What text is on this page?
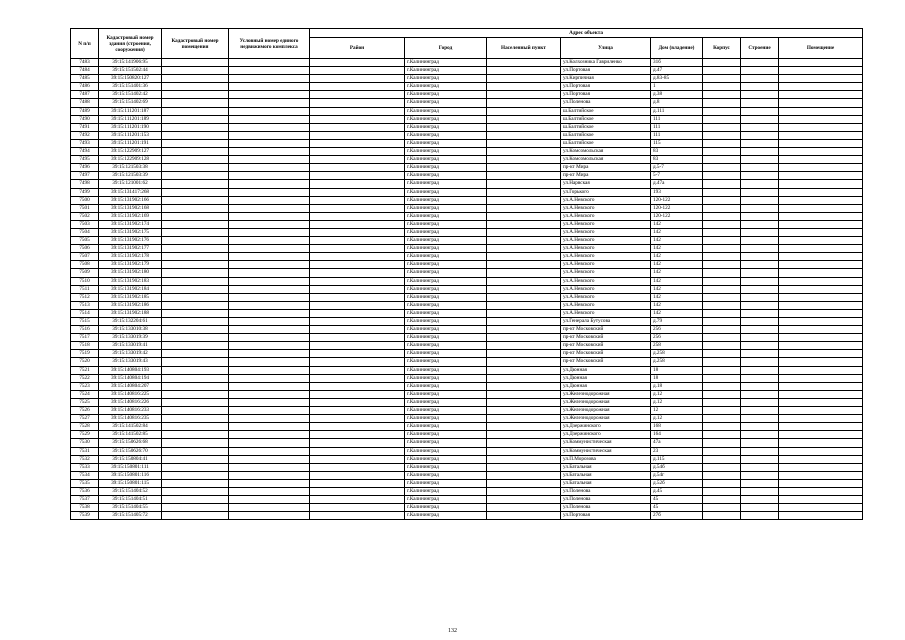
N п/п	Кадастровый номер здания (строения, сооружения)	Кадастровый номер помещения	Условный номер единого недвижимого комплекса	Адрес объекта							
				Район	Город	Населенный пункт	Улица	Дом (владение)	Корпус	Строение	Помещение
7483	39:15:141906:95				г.Калининград		ул.Колхозника Гавриленко	31б			
7484	39:15:151502:44				г.Калининград		ул.Портовая	д.47			
7485	39:15:150820:127				г.Калининград		ул.Кирпичная	д.83-85			
7486	39:15:151401:36				г.Калининград		ул.Портовая	1			
7487	39:15:151402:42				г.Калининград		ул.Портовая	д.38			
7488	39:15:151402:69				г.Калининград		ул.Поленова	д.8			
7489	39:15:111201:187				г.Калининград		ш.Балтийское	д.111			
7490	39:15:111201:189				г.Калининград		ш.Балтийское	111			
7491	39:15:111201:190				г.Калининград		ш.Балтийское	111			
7492	39:15:111201:153				г.Калининград		ш.Балтийское	111			
7493	39:15:111201:191				г.Калининград		ш.Балтийское	115			
7494	39:15:122909:127				г.Калининград		ул.Комсомольская	83			
7495	39:15:122909:128				г.Калининград		ул.Комсомольская	83			
7496	39:15:121503:38				г.Калининград		пр-кт Мира	д.5-7			
7497	39:15:121503:39				г.Калининград		пр-кт Мира	5-7			
7498	39:15:121001:62				г.Калининград		ул.Нарвская	д.47а			
7499	39:15:131417:268				г.Калининград		ул.Горького	193			
7500	39:15:131902:166				г.Калининград		ул.А.Невского	120-122			
7501	39:15:131902:168				г.Калининград		ул.А.Невского	120-122			
7502	39:15:131902:169				г.Калининград		ул.А.Невского	120-122			
7503	39:15:131902:174				г.Калининград		ул.А.Невского	142			
7504	39:15:131902:175				г.Калининград		ул.А.Невского	142			
7505	39:15:131902:176				г.Калининград		ул.А.Невского	142			
7506	39:15:131902:177				г.Калининград		ул.А.Невского	142			
7507	39:15:131902:178				г.Калининград		ул.А.Невского	142			
7508	39:15:131902:179				г.Калининград		ул.А.Невского	142			
7509	39:15:131902:180				г.Калининград		ул.А.Невского	142			
7510	39:15:131902:183				г.Калининград		ул.А.Невского	142			
7511	39:15:131902:184				г.Калининград		ул.А.Невского	142			
7512	39:15:131902:185				г.Калининград		ул.А.Невского	142			
7513	39:15:131902:186				г.Калининград		ул.А.Невского	142			
7514	39:15:131902:188				г.Калининград		ул.А.Невского	142			
7515	39:15:132204:61				г.Калининград		ул.Генерала Бутусова	д.79			
7516	39:15:133010:38				г.Калининград		пр-кт Московский	256			
7517	39:15:133019:39				г.Калининград		пр-кт Московский	256			
7518	39:15:133019:41				г.Калининград		пр-кт Московский	258			
7519	39:15:133019:42				г.Калининград		пр-кт Московский	д.258			
7520	39:15:133019:43				г.Калининград		пр-кт Московский	д.258			
7521	39:15:140804:193				г.Калининград		ул.Дюнная	18			
7522	39:15:140804:194				г.Калининград		ул.Дюнная	18			
7523	39:15:140804:207				г.Калининград		ул.Дюнная	д.18			
7524	39:15:140816:225				г.Калининград		ул.Железнодорожная	д.12			
7525	39:15:140816:226				г.Калининград		ул.Железнодорожная	д.12			
7526	39:15:140816:233				г.Калининград		ул.Железнодорожная	12			
7527	39:15:140816:235				г.Калининград		ул.Железнодорожная	д.12			
7528	39:15:141502:84				г.Калининград		ул.Дзержинского	168			
7529	39:15:141502:85				г.Калининград		ул.Дзержинского	164			
7530	39:15:150626:68				г.Калининград		ул.Коммунистическая	47а			
7531	39:15:150626:70				г.Калининград		ул.Коммунистическая	23			
7532	39:15:150804:41				г.Калининград		ул.П.Морозова	д.115			
7533	39:15:150801:111				г.Калининград		ул.Батальная	д.54б			
7534	39:15:150801:116				г.Калининград		ул.Батальная	д.54г			
7535	39:15:150801:115				г.Калининград		ул.Батальная	д.52б			
7536	39:15:151404:52				г.Калининград		ул.Поленова	д.45			
7537	39:15:151404:51				г.Калининград		ул.Поленова	45			
7538	39:15:151404:55				г.Калининград		ул.Поленова	45			
7539	39:15:151405:72				г.Калининград		ул.Портовая	27б			
132
